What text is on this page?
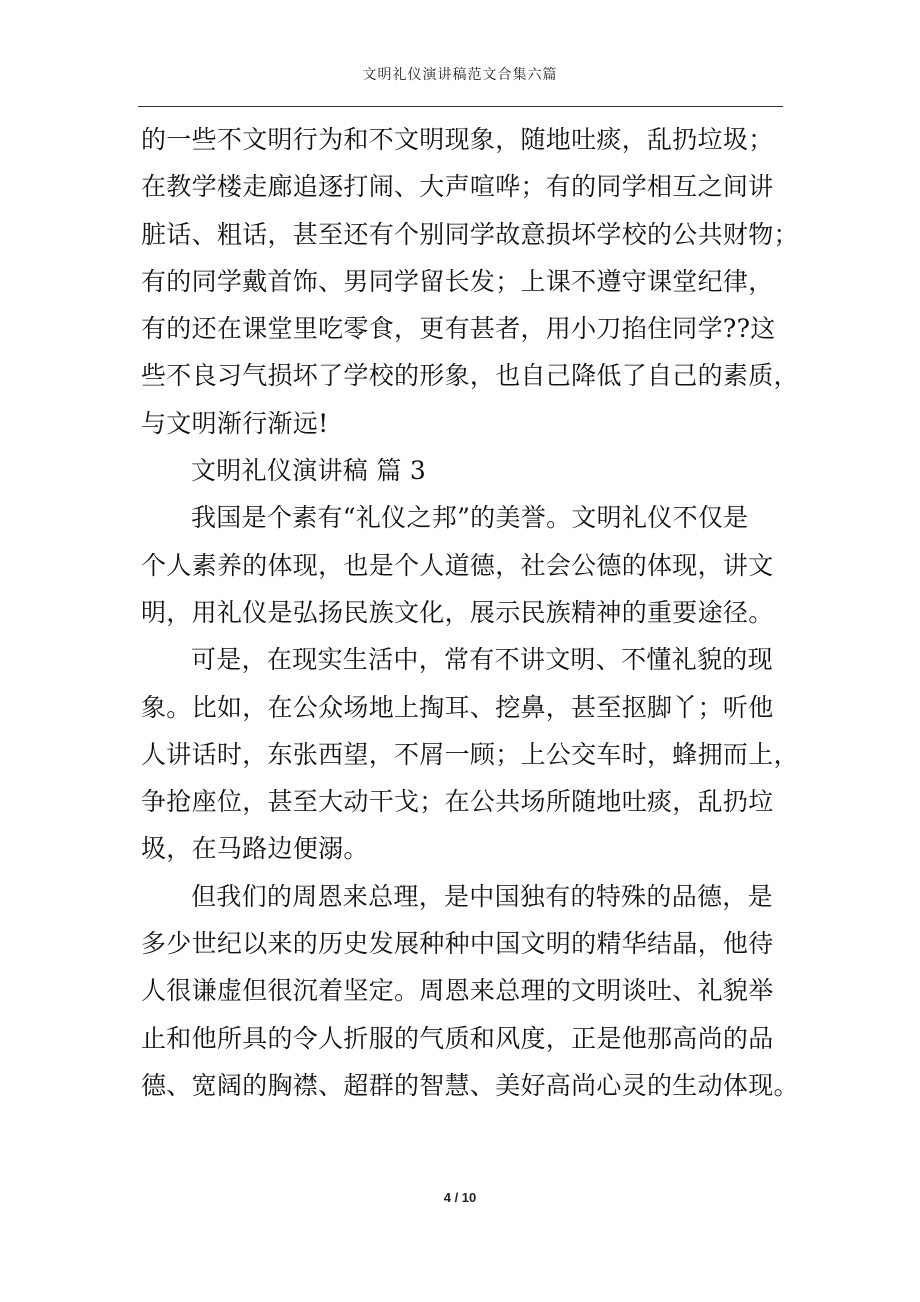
文明礼仪演讲稿范文合集六篇
的一些不文明行为和不文明现象，随地吐痰，乱扔垃圾；
在教学楼走廊追逐打闹、大声喧哗；有的同学相互之间讲
脏话、粗话，甚至还有个别同学故意损坏学校的公共财物；
有的同学戴首饰、男同学留长发；上课不遵守课堂纪律，
有的还在课堂里吃零食，更有甚者，用小刀掐住同学??这
些不良习气损坏了学校的形象，也自己降低了自己的素质，
与文明渐行渐远!
文明礼仪演讲稿 篇 3
我国是个素有“礼仪之邦”的美誉。文明礼仪不仅是
个人素养的体现，也是个人道德，社会公德的体现，讲文
明，用礼仪是弘扬民族文化，展示民族精神的重要途径。
可是，在现实生活中，常有不讲文明、不懂礼貌的现
象。比如，在公众场地上掏耳、挖鼻，甚至抠脚丫；听他
人讲话时，东张西望，不屑一顾；上公交车时，蜂拥而上，
争抢座位，甚至大动干戈；在公共场所随地吐痰，乱扔垃
圾，在马路边便溺。
但我们的周恩来总理，是中国独有的特殊的品德，是
多少世纪以来的历史发展种种中国文明的精华结晶，他待
人很谦虚但很沉着坚定。周恩来总理的文明谈吐、礼貌举
止和他所具的令人折服的气质和风度，正是他那高尚的品
德、宽阔的胸襟、超群的智慧、美好高尚心灵的生动体现。
4 / 10
